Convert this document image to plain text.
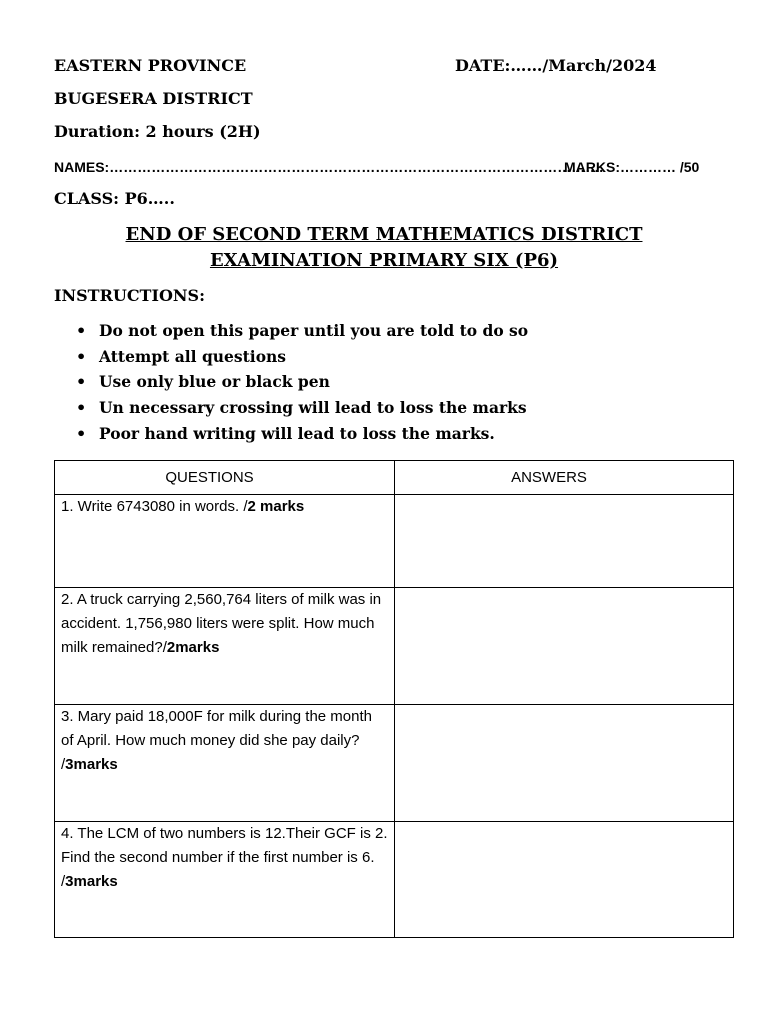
EASTERN PROVINCE	DATE:……/March/2024
BUGESERA DISTRICT
Duration: 2 hours (2H)
NAMES:…………………………………………………………………………………………….
MARKS:………… /50
CLASS: P6…..
END OF SECOND TERM MATHEMATICS DISTRICT
EXAMINATION PRIMARY SIX (P6)
INSTRUCTIONS:
• Do not open this paper until you are told to do so
• Attempt all questions
• Use only blue or black pen
• Un necessary crossing will lead to loss the marks
• Poor hand writing will lead to loss the marks.
QUESTIONS	ANSWERS
1. Write 6743080 in words. /2 marks	
2. A truck carrying 2,560,764 liters of milk was in accident. 1,756,980 liters were split. How much milk remained?/2marks	
3. Mary paid 18,000F for milk during the month of April. How much money did she pay daily? /3marks	
4. The LCM of two numbers is 12.Their GCF is 2. Find the second number if the first number is 6. /3marks	
